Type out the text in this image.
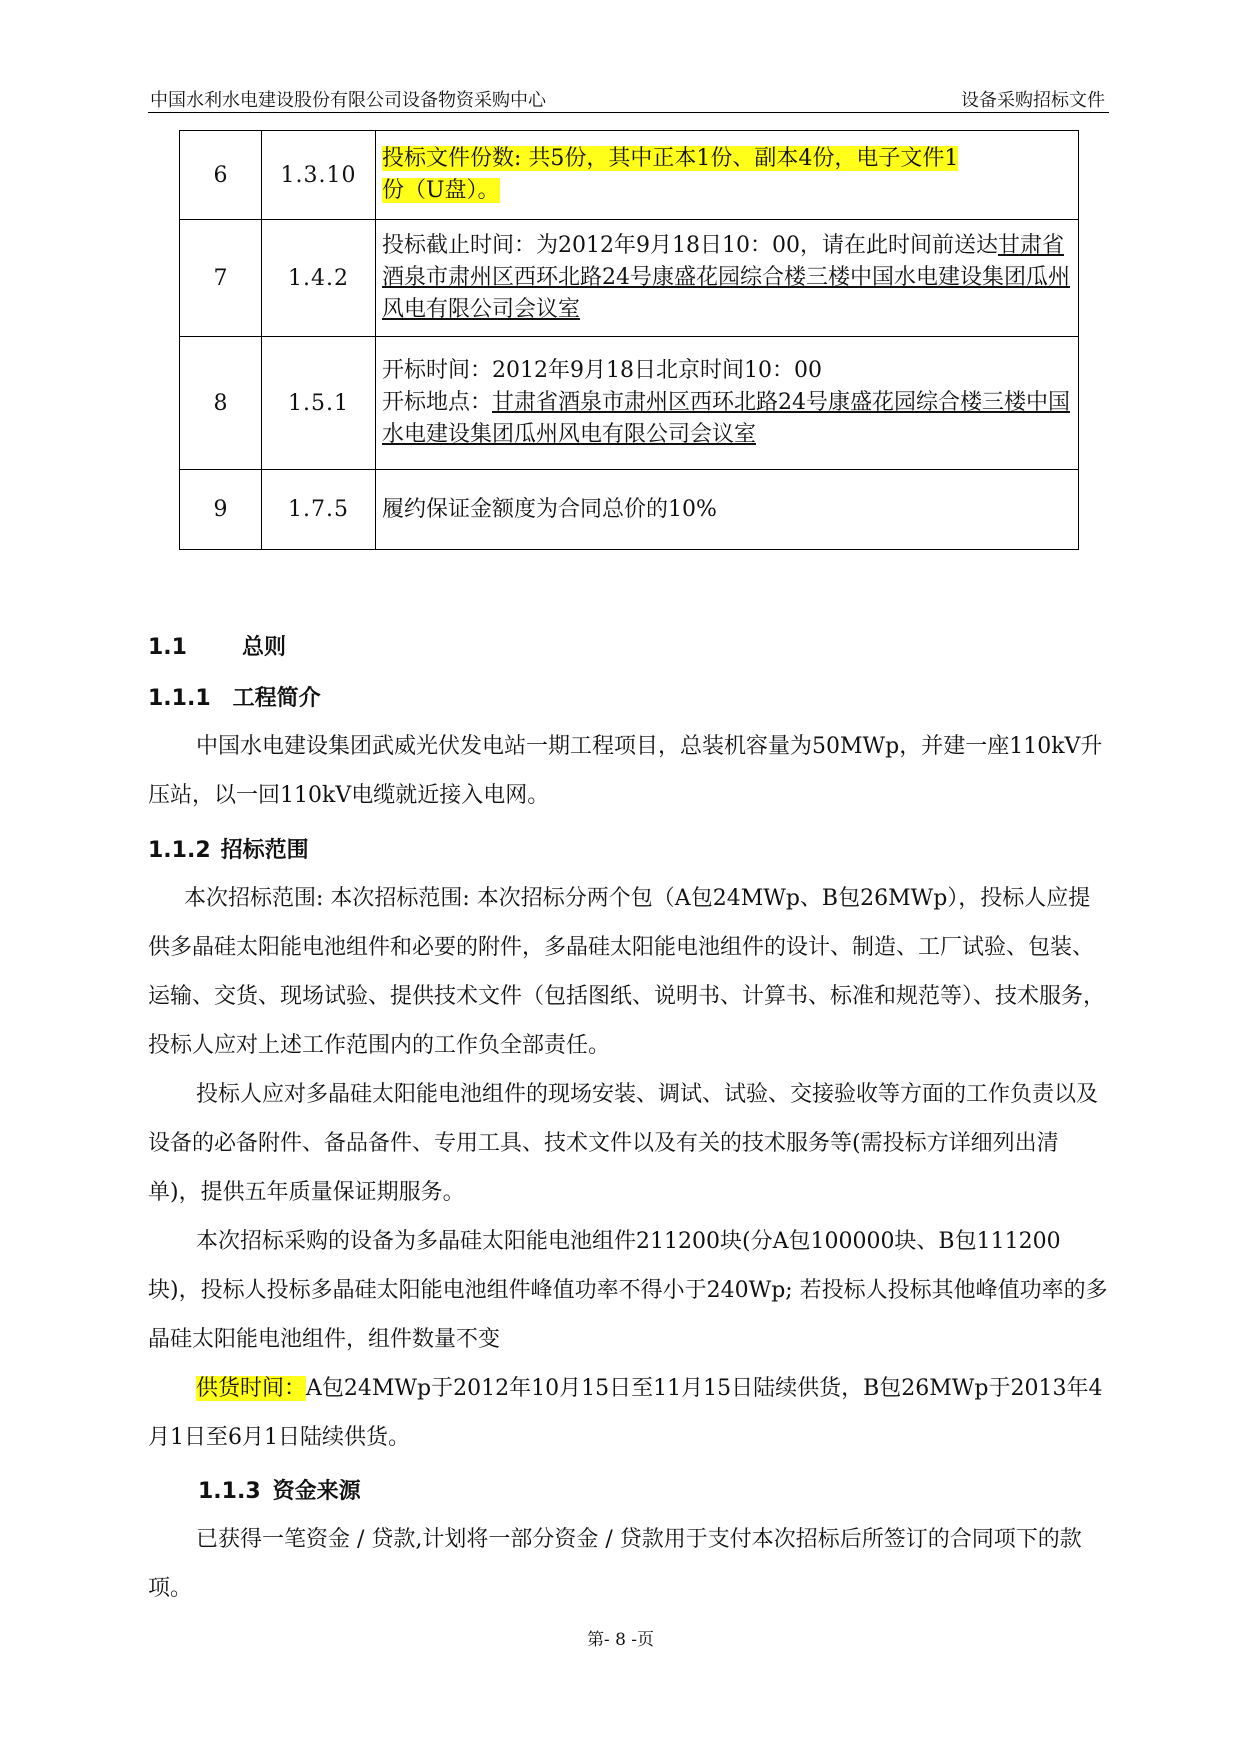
中国水利水电建设股份有限公司设备物资采购中心	设备采购招标文件
6	1.3.10	投标文件份数: 共5份，其中正本1份、副本4份，电子文件1
份（U盘）。
7	1.4.2	投标截止时间：为2012年9月18日10：00，请在此时间前送达甘肃省酒泉市肃州区西环北路24号康盛花园综合楼三楼中国水电建设集团瓜州风电有限公司会议室
8	1.5.1	开标时间：2012年9月18日北京时间10：00
开标地点：甘肃省酒泉市肃州区西环北路24号康盛花园综合楼三楼中国水电建设集团瓜州风电有限公司会议室
9	1.7.5	履约保证金额度为合同总价的10%
1.1	总则
1.1.1 工程简介
中国水电建设集团武威光伏发电站一期工程项目，总装机容量为50MWp，并建一座110kV升压站，以一回110kV电缆就近接入电网。
1.1.2 招标范围
本次招标范围: 本次招标范围: 本次招标分两个包（A包24MWp、B包26MWp），投标人应提供多晶硅太阳能电池组件和必要的附件，多晶硅太阳能电池组件的设计、制造、工厂试验、包装、运输、交货、现场试验、提供技术文件（包括图纸、说明书、计算书、标准和规范等）、技术服务，投标人应对上述工作范围内的工作负全部责任。
投标人应对多晶硅太阳能电池组件的现场安装、调试、试验、交接验收等方面的工作负责以及设备的必备附件、备品备件、专用工具、技术文件以及有关的技术服务等(需投标方详细列出清单)，提供五年质量保证期服务。
本次招标采购的设备为多晶硅太阳能电池组件211200块(分A包100000块、B包111200块)，投标人投标多晶硅太阳能电池组件峰值功率不得小于240Wp; 若投标人投标其他峰值功率的多晶硅太阳能电池组件，组件数量不变
供货时间：A包24MWp于2012年10月15日至11月15日陆续供货，B包26MWp于2013年4月1日至6月1日陆续供货。
1.1.3 资金来源
已获得一笔资金 / 贷款,计划将一部分资金 / 贷款用于支付本次招标后所签订的合同项下的款项。
第- 8 -页
